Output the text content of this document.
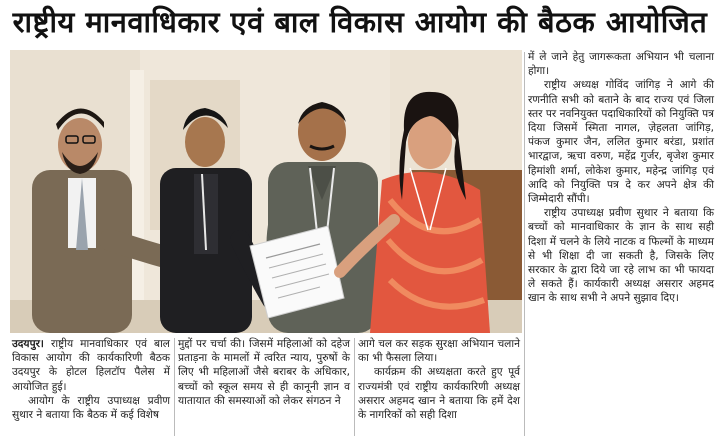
राष्ट्रीय मानवाधिकार एवं बाल विकास आयोग की बैठक आयोजित

उदयपुर। राष्ट्रीय मानवाधिकार एवं बाल विकास आयोग की कार्यकारिणी बैठक उदयपुर के होटल हिलटॉप पैलेस में आयोजित हुई।

आयोग के राष्ट्रीय उपाध्यक्ष प्रवीण सुथार ने बताया कि बैठक में कई विशेष

मुद्दों पर चर्चा की। जिसमें महिलाओं को दहेज प्रताड़ना के मामलों में त्वरित न्याय, पुरुषों के लिए भी महिलाओं जैसे बराबर के अधिकार, बच्चों को स्कूल समय से ही कानूनी ज्ञान व यातायात की समस्याओं को लेकर संगठन ने

आगे चल कर सड़क सुरक्षा अभियान चलाने का भी फैसला लिया।

कार्यक्रम की अध्यक्षता करते हुए पूर्व राज्यमंत्री एवं राष्ट्रीय कार्यकारिणी अध्यक्ष असरार अहमद खान ने बताया कि हमें देश के नागरिकों को सही दिशा

में ले जाने हेतु जागरूकता अभियान भी चलाना होगा।

राष्ट्रीय अध्यक्ष गोविंद जांगिड़ ने आगे की रणनीति सभी को बताने के बाद राज्य एवं जिला स्तर पर नवनियुक्त पदाधिकारियों को नियुक्ति पत्र दिया जिसमें स्मिता नागल, ज़ेहलता जांगिड़, पंकज कुमार जैन, ललित कुमार बरंडा, प्रशांत भारद्वाज, ऋचा वरुण, महेंद्र गुर्जर, बृजेश कुमार हिमांशी शर्मा, लोकेश कुमार, महेन्द्र जांगिड़ एवं आदि को नियुक्ति पत्र दे कर अपने क्षेत्र की जिम्मेदारी सौंपी।

राष्ट्रीय उपाध्यक्ष प्रवीण सुथार ने बताया कि बच्चों को मानवाधिकार के ज्ञान के साथ सही दिशा में चलने के लिये नाटक व फिल्मों के माध्यम से भी शिक्षा दी जा सकती है, जिसके लिए सरकार के द्वारा दिये जा रहे लाभ का भी फायदा ले सकते हैं। कार्यकारी अध्यक्ष असरार अहमद खान के साथ सभी ने अपने सुझाव दिए।
